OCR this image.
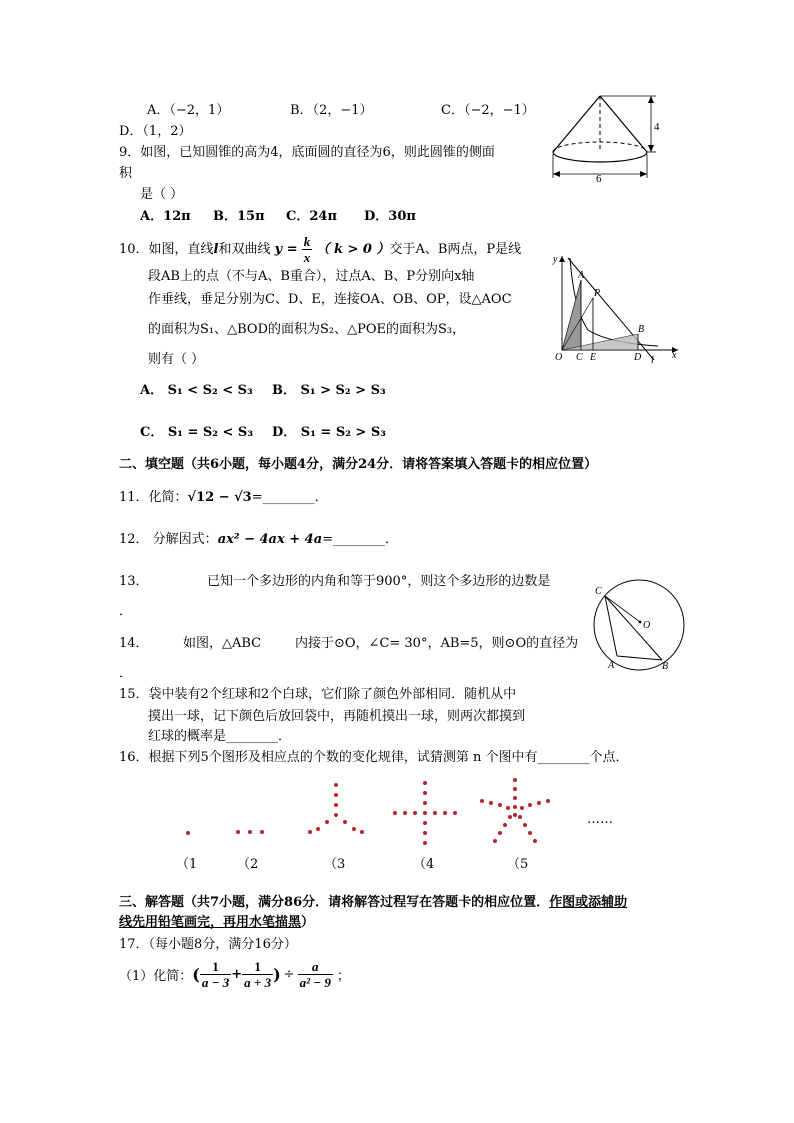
A．（−2，1）	B．（2，−1）	C．（−2，−1）
D．（1，2）
9．如图，已知圆锥的高为4，底面圆的直径为6，则此圆锥的侧面
积
是（ ）
A．12π B．15π C．24π D．30π
4
6
10．如图，直线l和双曲线 $y = \frac{k}{x}$ （ k > 0 ）交于A、B两点，P是线
段AB上的点（不与A、B重合），过点A、B、P分别向x轴
作垂线，垂足分别为C、D、E，连接OA、OB、OP，设△AOC
的面积为S₁、△BOD的面积为S₂、△POE的面积为S₃，
则有（ ）
A． S₁ < S₂ < S₃ B． S₁ > S₂ > S₃
C． S₁ = S₂ < S₃ D． S₁ = S₂ > S₃
y
A
P
B
O C E	D	x
l
二、填空题（共6小题，每小题4分，满分24分．请将答案填入答题卡的相应位置）
11．化简：√12 − √3=________．
12． 分解因式：ax² − 4ax + 4a=________．
13．	已知一个多边形的内角和等于900°，则这个多边形的边数是
．
14．	如图，△ABC	内接于⊙O，∠C= 30°，AB=5，则⊙O的直径为
．
C
O
A	B
15．袋中装有2个红球和2个白球，它们除了颜色外部相同．随机从中
摸出一球，记下颜色后放回袋中，再随机摸出一球，则两次都摸到
红球的概率是________．
16．根据下列5个图形及相应点的个数的变化规律，试猜测第 n 个图中有________个点．
……
（1	（2	（3	（4	（5
三、解答题（共7小题，满分86分．请将解答过程写在答题卡的相应位置．作图或添辅助
线先用铅笔画完，再用水笔描黑）
17．（每小题8分，满分16分）
（1）化简： ( $\frac{1}{a - 3} + \frac{1}{a + 3}$ ) ÷ $\frac{a}{\text{a² − 9}}$ ；
